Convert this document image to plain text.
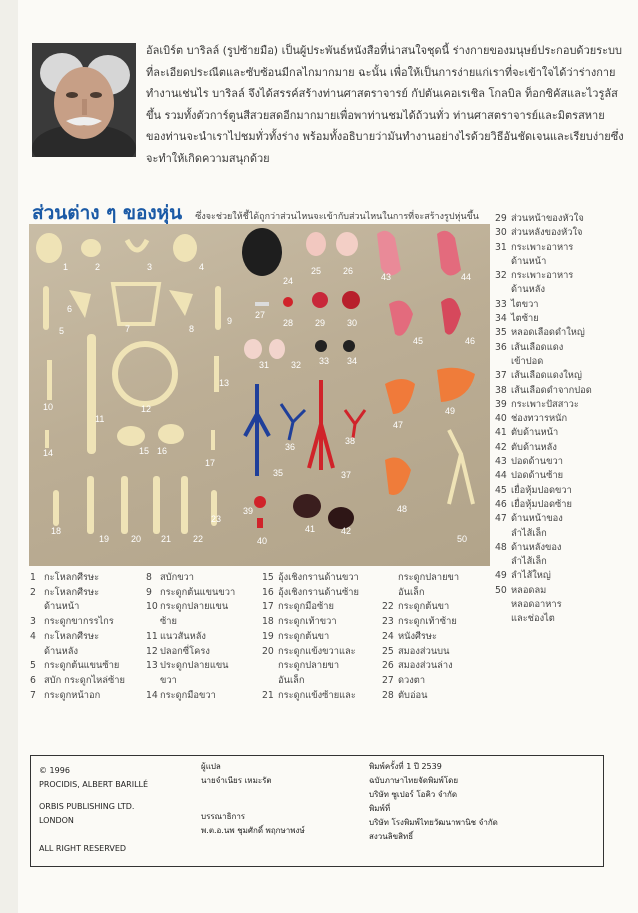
อัลเบิร์ต บาริลล์ (รูปซ้ายมือ) เป็นผู้ประพันธ์หนังสือที่น่าสนใจชุดนี้ ร่างกายของมนุษย์ประกอบด้วยระบบที่ละเอียดประณีตและซับซ้อนมีกลไกมากมาย ฉะนั้น เพื่อให้เป็นการง่ายแก่เราที่จะเข้าใจได้ว่าร่างกายทำงานเช่นไร บาริลล์ จึงได้สรรค์สร้างท่านศาสตราจารย์ กัปตันเคอเรเชิล โกลบิล ท็อกซิคัสและไวรูลัสขึ้น รวมทั้งตัวการ์ตูนสีสวยสดอีกมากมายเพื่อพาท่านชมได้ถ้วนทั่ว ท่านศาสตราจารย์และมิตรสหายของท่านจะนำเราไปชมทั่วทั้งร่าง พร้อมทั้งอธิบายว่ามันทำงานอย่างไรด้วยวิธีอันชัดเจนและเรียบง่ายซึ่งจะทำให้เกิดความสนุกด้วย
ส่วนต่าง ๆ ของหุ่น ซึ่งจะช่วยให้ชี้ได้ถูกว่าส่วนไหนจะเข้ากับส่วนไหนในการที่จะสร้างรูปหุ่นขึ้น
1	2	3	4
5
6
7	8
9
10
11
12
13
14	15 16
17
18
19 20 21 22
23
24
25 26
27
28 29 30
31 32 33 34
35
36
37
38
39
40
41	42
43	44
45	46
47
48
49
50
29 ส่วนหน้าของหัวใจ
30 ส่วนหลังของหัวใจ
31 กระเพาะอาหาร
ด้านหน้า
32 กระเพาะอาหาร
ด้านหลัง
33 ไตขวา
34 ไตซ้าย
35 หลอดเลือดดำใหญ่
36 เส้นเลือดแดง
เข้าปอด
37 เส้นเลือดแดงใหญ่
38 เส้นเลือดดำจากปอด
39 กระเพาะปัสสาวะ
40 ช่องทวารหนัก
41 ตับด้านหน้า
42 ตับด้านหลัง
43 ปอดด้านขวา
44 ปอดด้านซ้าย
45 เยื่อหุ้มปอดขวา
46 เยื่อหุ้มปอดซ้าย
47 ด้านหน้าของ
ลำไส้เล็ก
48 ด้านหลังของ
ลำไส้เล็ก
49 ลำไส้ใหญ่
50 หลอดลม
หลอดอาหาร
และช่องไต
1 กะโหลกศีรษะ
2 กะโหลกศีรษะ
ด้านหน้า
3 กระดูกขากรรไกร
4 กะโหลกศีรษะ
ด้านหลัง
5 กระดูกต้นแขนซ้าย
6 สบัก กระดูกไหล่ซ้าย
7 กระดูกหน้าอก
8 สบักขวา
9 กระดูกต้นแขนขวา
10 กระดูกปลายแขน
ซ้าย
11 แนวสันหลัง
12 ปลอกซี่โครง
13 ประดูกปลายแขน
ขวา
14 กระดูกมือขวา
15 อุ้งเชิงกรานด้านขวา
16 อุ้งเชิงกรานด้านซ้าย
17 กระดูกมือซ้าย
18 กระดูกเท้าขวา
19 กระดูกต้นขา
20 กระดูกแข้งขวาและ
กระดูกปลายขา
อันเล็ก
21 กระดูกแข้งซ้ายและ
กระดูกปลายขา
อันเล็ก
22 กระดูกต้นขา
23 กระดูกเท้าซ้าย
24 หนังศีรษะ
25 สมองส่วนบน
26 สมองส่วนล่าง
27 ดวงตา
28 ตับอ่อน
© 1996
PROCIDIS, ALBERT BARILLÉ
ORBIS PUBLISHING LTD.
LONDON
ALL RIGHT RESERVED
ผู้แปล
นายจำเนียร เหมะรัต
บรรณาธิการ
พ.ต.อ.นพ ชุมศักดิ์ พฤกษาพงษ์
พิมพ์ครั้งที่ 1 ปี 2539
ฉบับภาษาไทยจัดพิมพ์โดย
บริษัท ซูเปอร์ โอคิว จำกัด
พิมพ์ที่
บริษัท โรงพิมพ์ไทยวัฒนาพานิช จำกัด
สงวนลิขสิทธิ์
